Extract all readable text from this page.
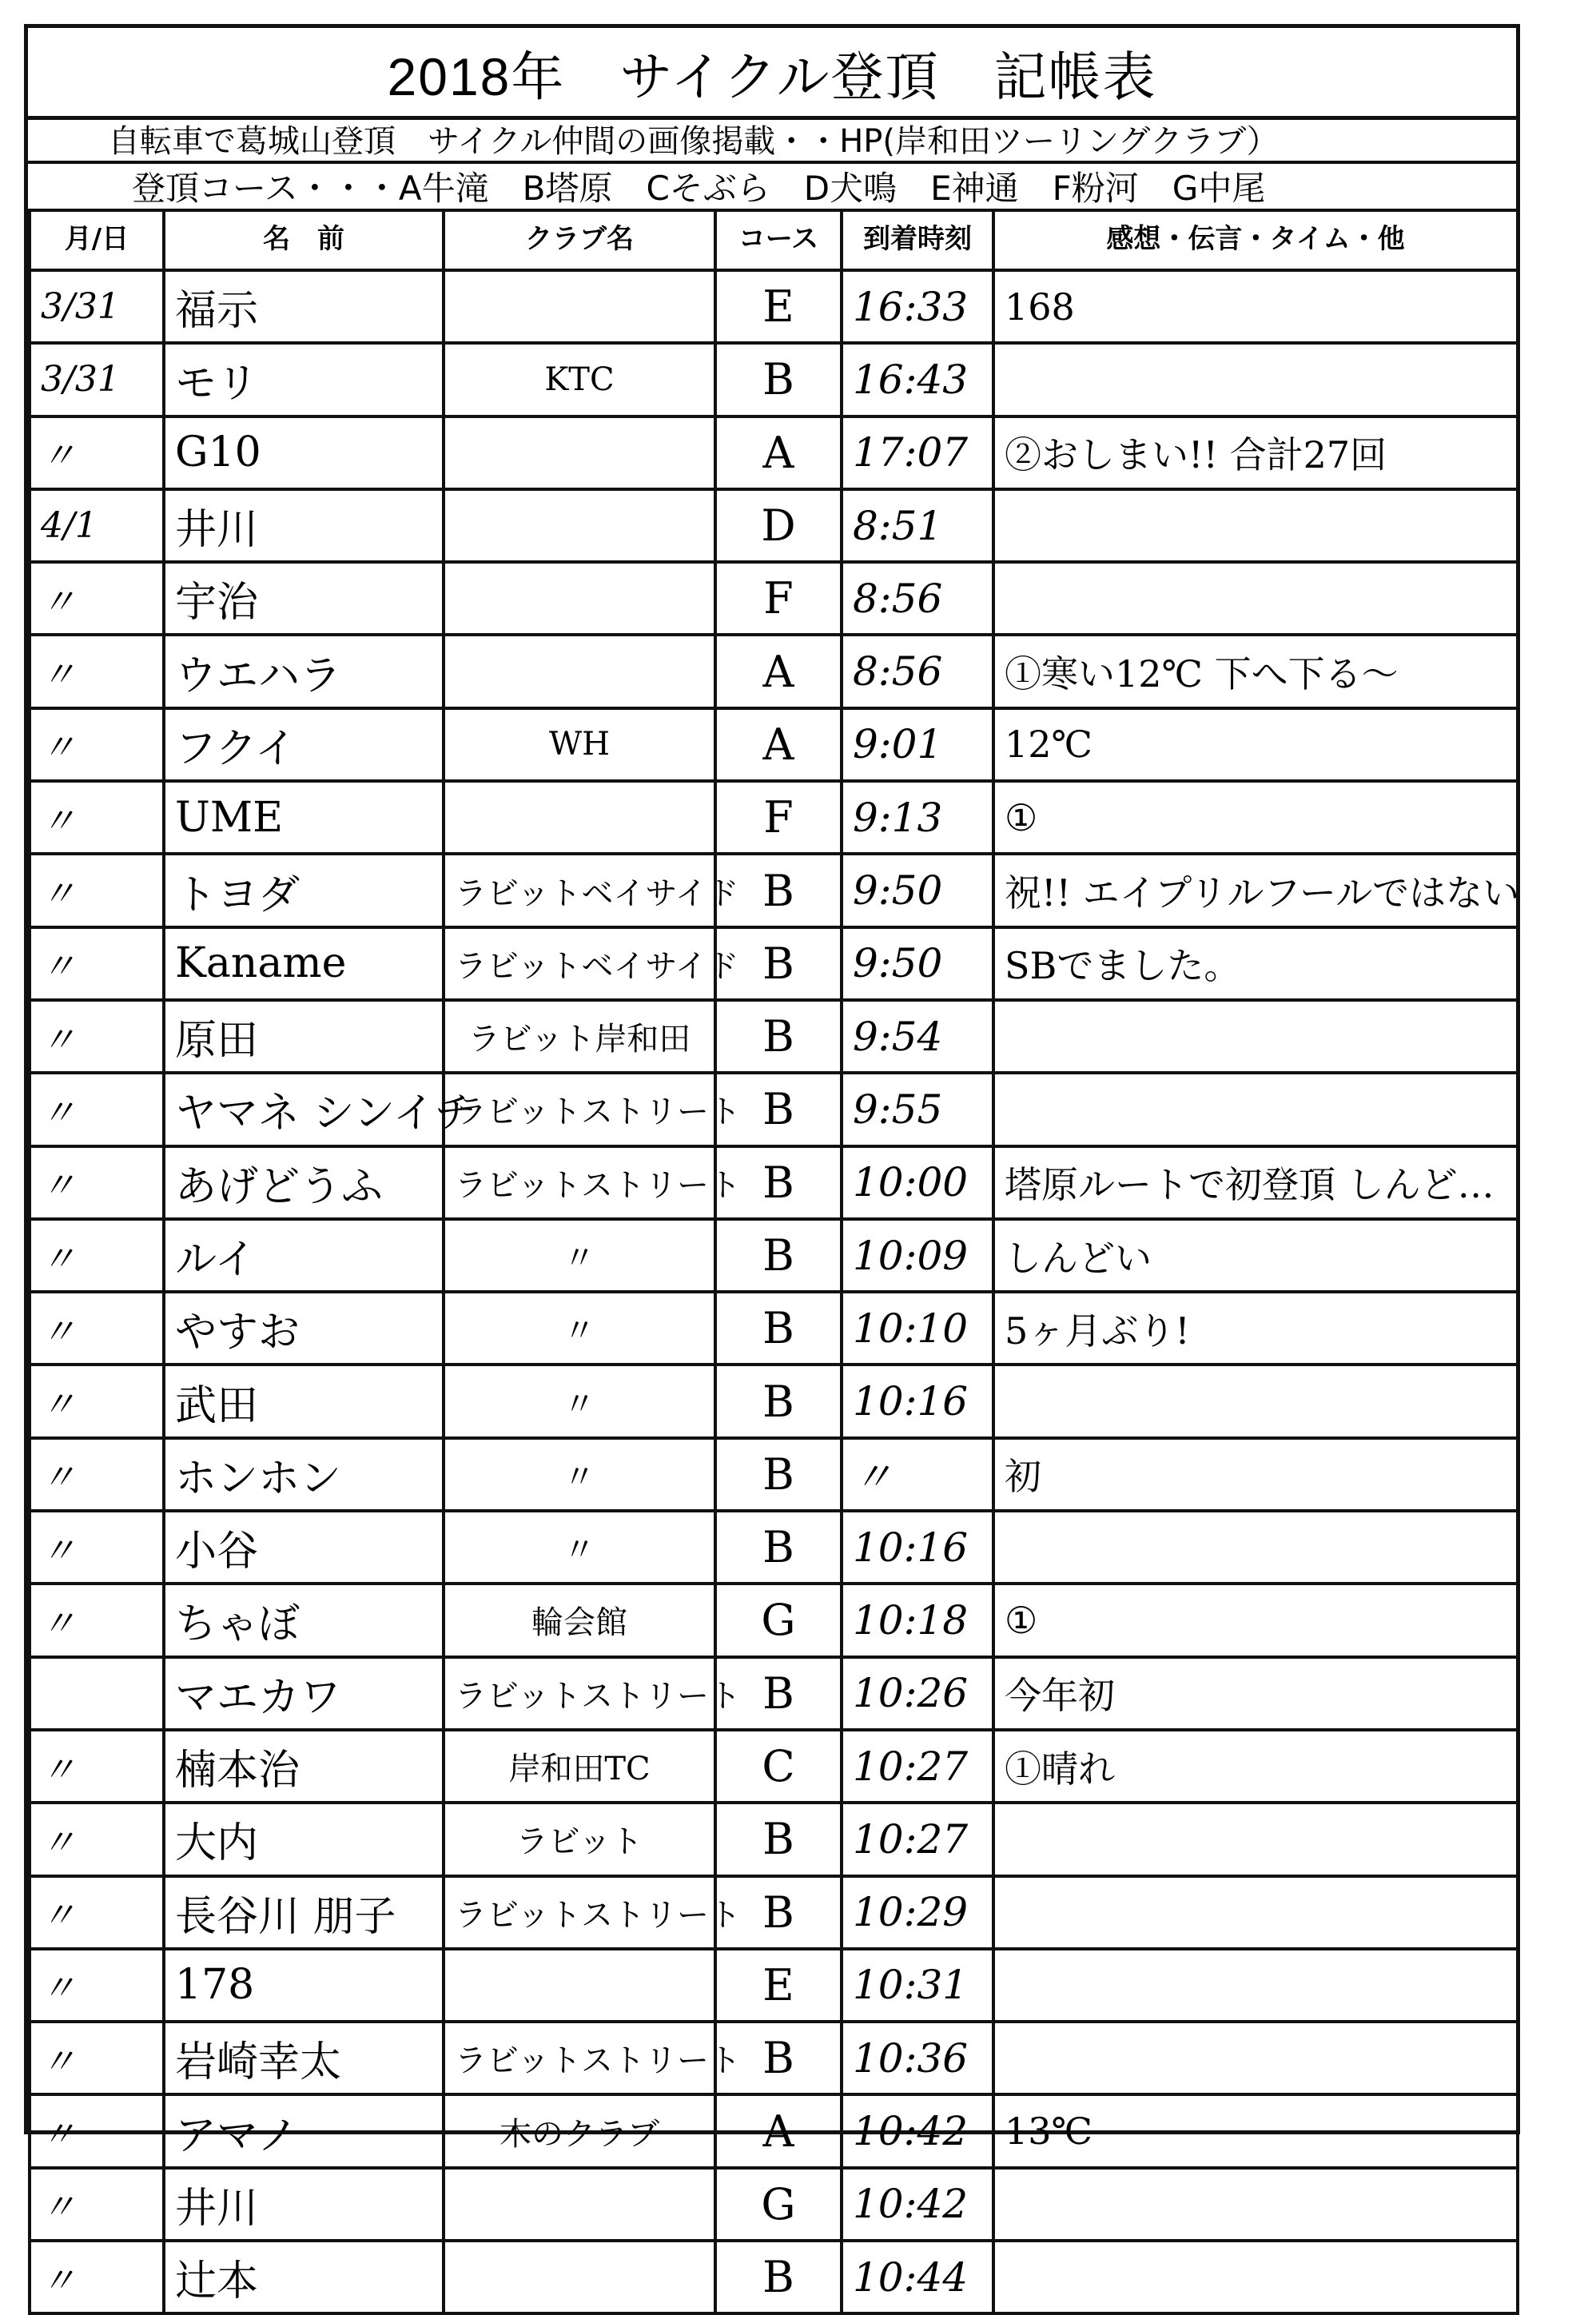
2018年　サイクル登頂　記帳表
自転車で葛城山登頂　サイクル仲間の画像掲載・・HP(岸和田ツーリングクラブ）
登頂コース・・・A牛滝　B塔原　Cそぶら　D犬鳴　E神通　F粉河　G中尾
月/日	名　前	クラブ名	コース	到着時刻	感想・伝言・タイム・他
3/31	福示		E	16:33	168
3/31	モリ	KTC	B	16:43	
〃	G10		A	17:07	②おしまい!! 合計27回
4/1	井川		D	8:51	
〃	宇治		F	8:56	
〃	ウエハラ		A	8:56	①寒い12℃ 下へ下る～
〃	フクイ	WH	A	9:01	12℃
〃	UME		F	9:13	①
〃	トヨダ	ラビットベイサイド	B	9:50	祝!! エイプリルフールではない
〃	Kaname	ラビットベイサイド	B	9:50	SBでました。
〃	原田	ラビット岸和田	B	9:54	
〃	ヤマネ シンイチ	ラビットストリート	B	9:55	
〃	あげどうふ	ラビットストリート	B	10:00	塔原ルートで初登頂 しんど…
〃	ルイ	〃	B	10:09	しんどい
〃	やすお	〃	B	10:10	5ヶ月ぶり!
〃	武田	〃	B	10:16	
〃	ホンホン	〃	B	〃	初
〃	小谷	〃	B	10:16	
〃	ちゃぼ	輪会館	G	10:18	①
	マエカワ	ラビットストリート	B	10:26	今年初
〃	楠本治	岸和田TC	C	10:27	①晴れ
〃	大内	ラビット	B	10:27	
〃	長谷川 朋子	ラビットストリート	B	10:29	
〃	178		E	10:31	
〃	岩崎幸太	ラビットストリート	B	10:36	
〃	アマノ	木のクラブ	A	10:42	13℃
〃	井川		G	10:42	
〃	辻本		B	10:44	
